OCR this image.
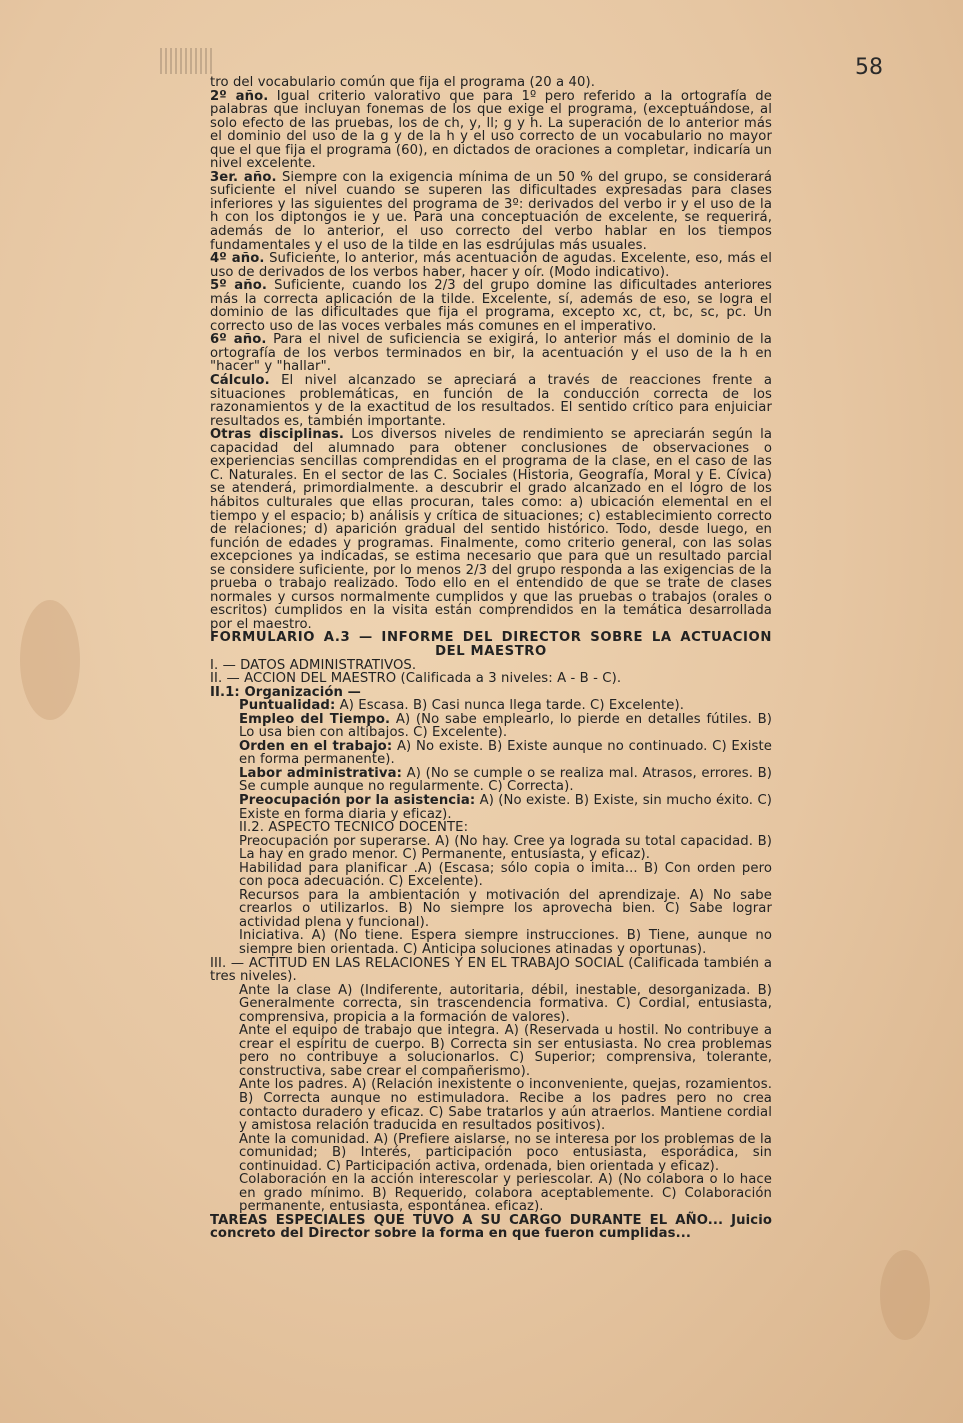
58

tro del vocabulario común que fija el programa (20 a 40).

2º año. Igual criterio valorativo que para 1º pero referido a la ortografía de palabras que incluyan fonemas de los que exige el programa, (exceptuándose, al solo efecto de las pruebas, los de ch, y, ll; g y h. La superación de lo anterior más el dominio del uso de la g y de la h y el uso correcto de un vocabulario no mayor que el que fija el programa (60), en dictados de oraciones a completar, indicaría un nivel excelente.

3er. año. Siempre con la exigencia mínima de un 50 % del grupo, se considerará suficiente el nivel cuando se superen las dificultades expresadas para clases inferiores y las siguientes del programa de 3º: derivados del verbo ir y el uso de la h con los diptongos ie y ue. Para una conceptuación de excelente, se requerirá, además de lo anterior, el uso correcto del verbo hablar en los tiempos fundamentales y el uso de la tilde en las esdrújulas más usuales.

4º año. Suficiente, lo anterior, más acentuación de agudas. Excelente, eso, más el uso de derivados de los verbos haber, hacer y oír. (Modo indicativo).

5º año. Suficiente, cuando los 2/3 del grupo domine las dificultades anteriores más la correcta aplicación de la tilde. Excelente, sí, además de eso, se logra el dominio de las dificultades que fija el programa, excepto xc, ct, bc, sc, pc. Un correcto uso de las voces verbales más comunes en el imperativo.

6º año. Para el nivel de suficiencia se exigirá, lo anterior más el dominio de la ortografía de los verbos terminados en bir, la acentuación y el uso de la h en "hacer" y "hallar".

Cálculo. El nivel alcanzado se apreciará a través de reacciones frente a situaciones problemáticas, en función de la conducción correcta de los razonamientos y de la exactitud de los resultados. El sentido crítico para enjuiciar resultados es, también importante.

Otras disciplinas. Los diversos niveles de rendimiento se apreciarán según la capacidad del alumnado para obtener conclusiones de observaciones o experiencias sencillas comprendidas en el programa de la clase, en el caso de las C. Naturales. En el sector de las C. Sociales (Historia, Geografía, Moral y E. Cívica) se atenderá, primordialmente. a descubrir el grado alcanzado en el logro de los hábitos culturales que ellas procuran, tales como: a) ubicación elemental en el tiempo y el espacio; b) análisis y crítica de situaciones; c) establecimiento correcto de relaciones; d) aparición gradual del sentido histórico. Todo, desde luego, en función de edades y programas. Finalmente, como criterio general, con las solas excepciones ya indicadas, se estima necesario que para que un resultado parcial se considere suficiente, por lo menos 2/3 del grupo responda a las exigencias de la prueba o trabajo realizado. Todo ello en el entendido de que se trate de clases normales y cursos normalmente cumplidos y que las pruebas o trabajos (orales o escritos) cumplidos en la visita están comprendidos en la temática desarrollada por el maestro.

FORMULARIO A.3 — INFORME DEL DIRECTOR SOBRE LA ACTUACION DEL MAESTRO

I. — DATOS ADMINISTRATIVOS.

II. — ACCION DEL MAESTRO (Calificada a 3 niveles: A - B - C).

II.1: Organización —

Puntualidad: A) Escasa. B) Casi nunca llega tarde. C) Excelente).

Empleo del Tiempo. A) (No sabe emplearlo, lo pierde en detalles fútiles. B) Lo usa bien con altibajos. C) Excelente).

Orden en el trabajo: A) No existe. B) Existe aunque no continuado. C) Existe en forma permanente).

Labor administrativa: A) (No se cumple o se realiza mal. Atrasos, errores. B) Se cumple aunque no regularmente. C) Correcta).

Preocupación por la asistencia: A) (No existe. B) Existe, sin mucho éxito. C) Existe en forma diaria y eficaz).

II.2. ASPECTO TECNICO DOCENTE:

Preocupación por superarse. A) (No hay. Cree ya lograda su total capacidad. B) La hay en grado menor. C) Permanente, entusiasta, y eficaz).

Habilidad para planificar .A) (Escasa; sólo copia o imita... B) Con orden pero con poca adecuación. C) Excelente).

Recursos para la ambientación y motivación del aprendizaje. A) No sabe crearlos o utilizarlos. B) No siempre los aprovecha bien. C) Sabe lograr actividad plena y funcional).

Iniciativa. A) (No tiene. Espera siempre instrucciones. B) Tiene, aunque no siempre bien orientada. C) Anticipa soluciones atinadas y oportunas).

III. — ACTITUD EN LAS RELACIONES Y EN EL TRABAJO SOCIAL (Calificada también a tres niveles).

Ante la clase A) (Indiferente, autoritaria, débil, inestable, desorganizada. B) Generalmente correcta, sin trascendencia formativa. C) Cordial, entusiasta, comprensiva, propicia a la formación de valores).

Ante el equipo de trabajo que integra. A) (Reservada u hostil. No contribuye a crear el espíritu de cuerpo. B) Correcta sin ser entusiasta. No crea problemas pero no contribuye a solucionarlos. C) Superior; comprensiva, tolerante, constructiva, sabe crear el compañerismo).

Ante los padres. A) (Relación inexistente o inconveniente, quejas, rozamientos. B) Correcta aunque no estimuladora. Recibe a los padres pero no crea contacto duradero y eficaz. C) Sabe tratarlos y aún atraerlos. Mantiene cordial y amistosa relación traducida en resultados positivos).

Ante la comunidad. A) (Prefiere aislarse, no se interesa por los problemas de la comunidad; B) Interés, participación poco entusiasta, esporádica, sin continuidad. C) Participación activa, ordenada, bien orientada y eficaz).

Colaboración en la acción interescolar y periescolar. A) (No colabora o lo hace en grado mínimo. B) Requerido, colabora aceptablemente. C) Colaboración permanente, entusiasta, espontánea. eficaz).

TAREAS ESPECIALES QUE TUVO A SU CARGO DURANTE EL AÑO... Juicio concreto del Director sobre la forma en que fueron cumplidas...
